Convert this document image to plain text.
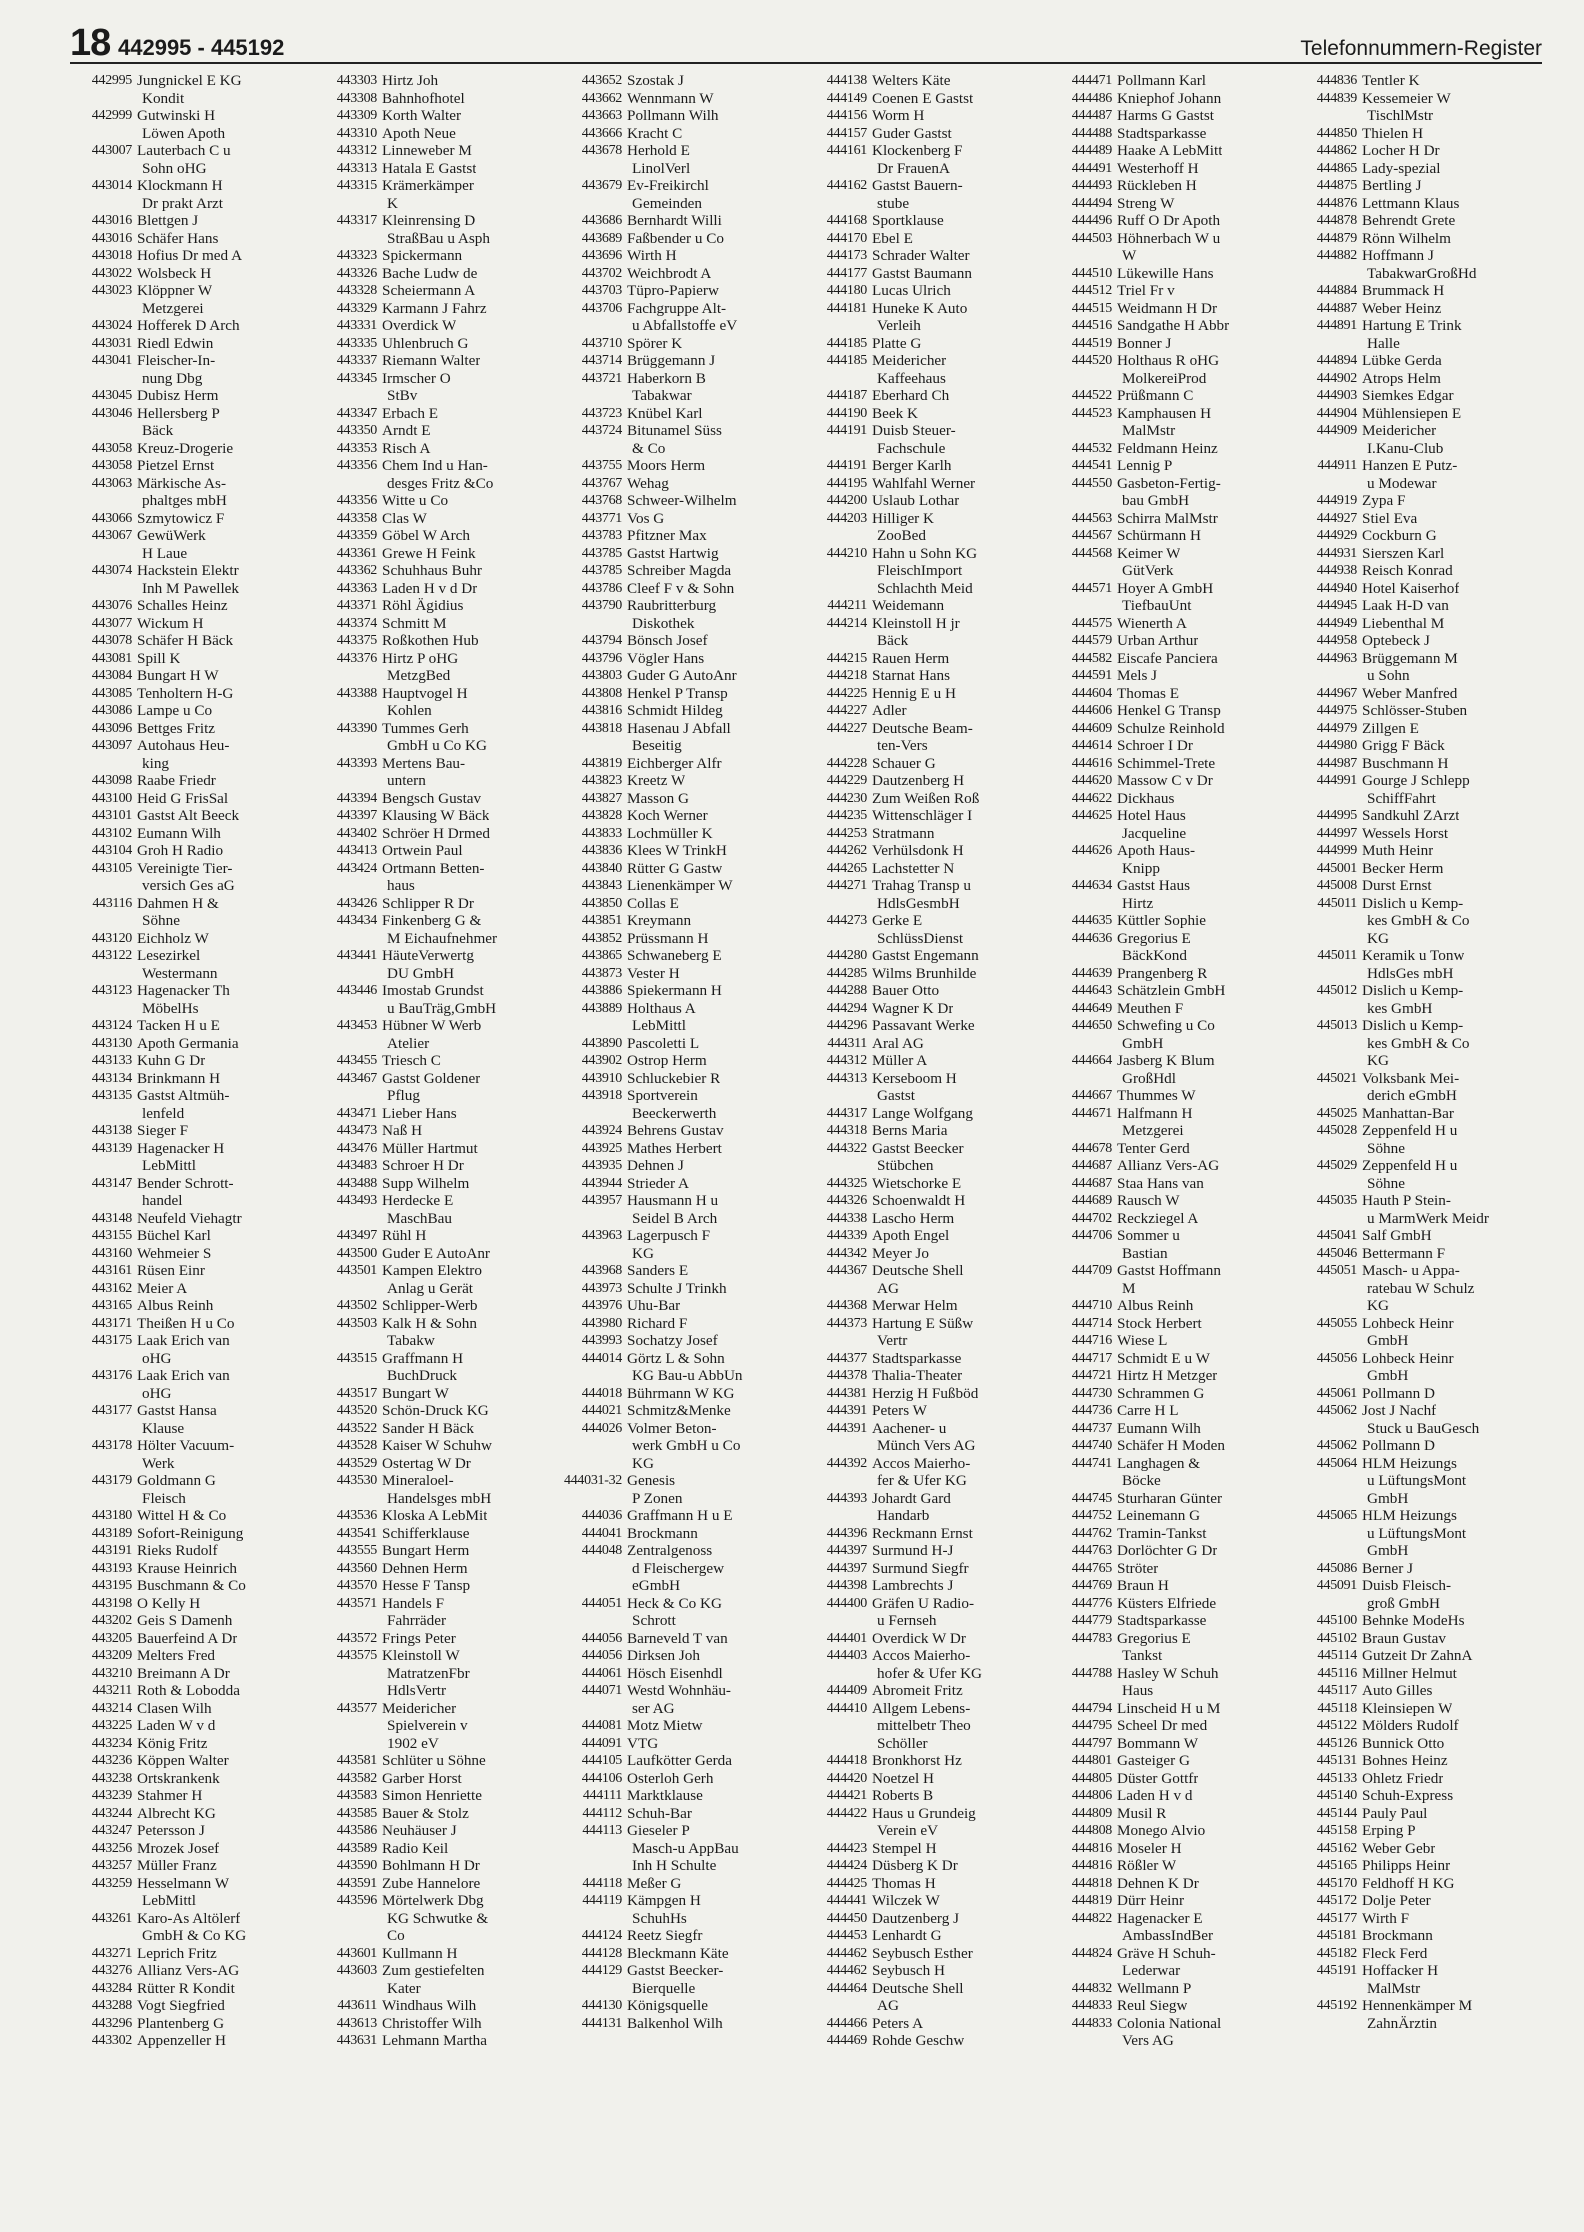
18 442995 - 445192	Telefonnummern-Register
442995 Jungnickel E KG
Kondit
442999 Gutwinski H
Löwen Apoth
443007 Lauterbach C u
Sohn oHG
443014 Klockmann H
Dr prakt Arzt
443016 Blettgen J
443016 Schäfer Hans
443018 Hofius Dr med A
443022 Wolsbeck H
443023 Klöppner W
Metzgerei
443024 Hofferek D Arch
443031 Riedl Edwin
443041 Fleischer-In-
nung Dbg
443045 Dubisz Herm
443046 Hellersberg P
Bäck
443058 Kreuz-Drogerie
443058 Pietzel Ernst
443063 Märkische As-
phaltges mbH
443066 Szmytowicz F
443067 GewüWerk
H Laue
443074 Hackstein Elektr
Inh M Pawellek
443076 Schalles Heinz
443077 Wickum H
443078 Schäfer H Bäck
443081 Spill K
443084 Bungart H W
443085 Tenholtern H-G
443086 Lampe u Co
443096 Bettges Fritz
443097 Autohaus Heu-
king
443098 Raabe Friedr
443100 Heid G FrisSal
443101 Gastst Alt Beeck
443102 Eumann Wilh
443104 Groh H Radio
443105 Vereinigte Tier-
versich Ges aG
443116 Dahmen H &
Söhne
443120 Eichholz W
443122 Lesezirkel
Westermann
443123 Hagenacker Th
MöbelHs
443124 Tacken H u E
443130 Apoth Germania
443133 Kuhn G Dr
443134 Brinkmann H
443135 Gastst Altmüh-
lenfeld
443138 Sieger F
443139 Hagenacker H
LebMittl
443147 Bender Schrott-
handel
443148 Neufeld Viehagtr
443155 Büchel Karl
443160 Wehmeier S
443161 Rüsen Einr
443162 Meier A
443165 Albus Reinh
443171 Theißen H u Co
443175 Laak Erich van
oHG
443176 Laak Erich van
oHG
443177 Gastst Hansa
Klause
443178 Hölter Vacuum-
Werk
443179 Goldmann G
Fleisch
443180 Wittel H & Co
443189 Sofort-Reinigung
443191 Rieks Rudolf
443193 Krause Heinrich
443195 Buschmann & Co
443198 O Kelly H
443202 Geis S Damenh
443205 Bauerfeind A Dr
443209 Melters Fred
443210 Breimann A Dr
443211 Roth & Lobodda
443214 Clasen Wilh
443225 Laden W v d
443234 König Fritz
443236 Köppen Walter
443238 Ortskrankenk
443239 Stahmer H
443244 Albrecht KG
443247 Petersson J
443256 Mrozek Josef
443257 Müller Franz
443259 Hesselmann W
LebMittl
443261 Karo-As Altölerf
GmbH & Co KG
443271 Leprich Fritz
443276 Allianz Vers-AG
443284 Rütter R Kondit
443288 Vogt Siegfried
443296 Plantenberg G
443302 Appenzeller H
443303 Hirtz Joh
443308 Bahnhofhotel
443309 Korth Walter
443310 Apoth Neue
443312 Linneweber M
443313 Hatala E Gastst
443315 Krämerkämper
K
443317 Kleinrensing D
StraßBau u Asph
443323 Spickermann
443326 Bache Ludw de
443328 Scheiermann A
443329 Karmann J Fahrz
443331 Overdick W
443335 Uhlenbruch G
443337 Riemann Walter
443345 Irmscher O
StBv
443347 Erbach E
443350 Arndt E
443353 Risch A
443356 Chem Ind u Han-
desges Fritz &Co
443356 Witte u Co
443358 Clas W
443359 Göbel W Arch
443361 Grewe H Feink
443362 Schuhhaus Buhr
443363 Laden H v d Dr
443371 Röhl Ägidius
443374 Schmitt M
443375 Roßkothen Hub
443376 Hirtz P oHG
MetzgBed
443388 Hauptvogel H
Kohlen
443390 Tummes Gerh
GmbH u Co KG
443393 Mertens Bau-
untern
443394 Bengsch Gustav
443397 Klausing W Bäck
443402 Schröer H Drmed
443413 Ortwein Paul
443424 Ortmann Betten-
haus
443426 Schlipper R Dr
443434 Finkenberg G &
M Eichaufnehmer
443441 HäuteVerwertg
DU GmbH
443446 Imostab Grundst
u BauTräg,GmbH
443453 Hübner W Werb
Atelier
443455 Triesch C
443467 Gastst Goldener
Pflug
443471 Lieber Hans
443473 Naß H
443476 Müller Hartmut
443483 Schroer H Dr
443488 Supp Wilhelm
443493 Herdecke E
MaschBau
443497 Rühl H
443500 Guder E AutoAnr
443501 Kampen Elektro
Anlag u Gerät
443502 Schlipper-Werb
443503 Kalk H & Sohn
Tabakw
443515 Graffmann H
BuchDruck
443517 Bungart W
443520 Schön-Druck KG
443522 Sander H Bäck
443528 Kaiser W Schuhw
443529 Ostertag W Dr
443530 Mineraloel-
Handelsges mbH
443536 Kloska A LebMit
443541 Schifferklause
443555 Bungart Herm
443560 Dehnen Herm
443570 Hesse F Tansp
443571 Handels F
Fahrräder
443572 Frings Peter
443575 Kleinstoll W
MatratzenFbr
HdlsVertr
443577 Meidericher
Spielverein v
1902 eV
443581 Schlüter u Söhne
443582 Garber Horst
443583 Simon Henriette
443585 Bauer & Stolz
443586 Neuhäuser J
443589 Radio Keil
443590 Bohlmann H Dr
443591 Zube Hannelore
443596 Mörtelwerk Dbg
KG Schwutke &
Co
443601 Kullmann H
443603 Zum gestiefelten
Kater
443611 Windhaus Wilh
443613 Christoffer Wilh
443631 Lehmann Martha
443652 Szostak J
443662 Wennmann W
443663 Pollmann Wilh
443666 Kracht C
443678 Herhold E
LinolVerl
443679 Ev-Freikirchl
Gemeinden
443686 Bernhardt Willi
443689 Faßbender u Co
443696 Wirth H
443702 Weichbrodt A
443703 Tüpro-Papierw
443706 Fachgruppe Alt-
u Abfallstoffe eV
443710 Spörer K
443714 Brüggemann J
443721 Haberkorn B
Tabakwar
443723 Knübel Karl
443724 Bitunamel Süss
& Co
443755 Moors Herm
443767 Wehag
443768 Schweer-Wilhelm
443771 Vos G
443783 Pfitzner Max
443785 Gastst Hartwig
443785 Schreiber Magda
443786 Cleef F v & Sohn
443790 Raubritterburg
Diskothek
443794 Bönsch Josef
443796 Vögler Hans
443803 Guder G AutoAnr
443808 Henkel P Transp
443816 Schmidt Hildeg
443818 Hasenau J Abfall
Beseitig
443819 Eichberger Alfr
443823 Kreetz W
443827 Masson G
443828 Koch Werner
443833 Lochmüller K
443836 Klees W TrinkH
443840 Rütter G Gastw
443843 Lienenkämper W
443850 Collas E
443851 Kreymann
443852 Prüssmann H
443865 Schwaneberg E
443873 Vester H
443886 Spiekermann H
443889 Holthaus A
LebMittl
443890 Pascoletti L
443902 Ostrop Herm
443910 Schluckebier R
443918 Sportverein
Beeckerwerth
443924 Behrens Gustav
443925 Mathes Herbert
443935 Dehnen J
443944 Strieder A
443957 Hausmann H u
Seidel B Arch
443963 Lagerpusch F
KG
443968 Sanders E
443973 Schulte J Trinkh
443976 Uhu-Bar
443980 Richard F
443993 Sochatzy Josef
444014 Görtz L & Sohn
KG Bau-u AbbUn
444018 Bührmann W KG
444021 Schmitz&Menke
444026 Volmer Beton-
werk GmbH u Co
KG
444031-32 Genesis
P Zonen
444036 Graffmann H u E
444041 Brockmann
444048 Zentralgenoss
d Fleischergew
eGmbH
444051 Heck & Co KG
Schrott
444056 Barneveld T van
444056 Dirksen Joh
444061 Hösch Eisenhdl
444071 Westd Wohnhäu-
ser AG
444081 Motz Mietw
444091 VTG
444105 Laufkötter Gerda
444106 Osterloh Gerh
444111 Marktklause
444112 Schuh-Bar
444113 Gieseler P
Masch-u AppBau
Inh H Schulte
444118 Meßer G
444119 Kämpgen H
SchuhHs
444124 Reetz Siegfr
444128 Bleckmann Käte
444129 Gastst Beecker-
Bierquelle
444130 Königsquelle
444131 Balkenhol Wilh
444138 Welters Käte
444149 Coenen E Gastst
444156 Worm H
444157 Guder Gastst
444161 Klockenberg F
Dr FrauenA
444162 Gastst Bauern-
stube
444168 Sportklause
444170 Ebel E
444173 Schrader Walter
444177 Gastst Baumann
444180 Lucas Ulrich
444181 Huneke K Auto
Verleih
444185 Platte G
444185 Meidericher
Kaffeehaus
444187 Eberhard Ch
444190 Beek K
444191 Duisb Steuer-
Fachschule
444191 Berger Karlh
444195 Wahlfahl Werner
444200 Uslaub Lothar
444203 Hilliger K
ZooBed
444210 Hahn u Sohn KG
FleischImport
Schlachth Meid
444211 Weidemann
444214 Kleinstoll H jr
Bäck
444215 Rauen Herm
444218 Starnat Hans
444225 Hennig E u H
444227 Adler
444227 Deutsche Beam-
ten-Vers
444228 Schauer G
444229 Dautzenberg H
444230 Zum Weißen Roß
444235 Wittenschläger I
444253 Stratmann
444262 Verhülsdonk H
444265 Lachstetter N
444271 Trahag Transp u
HdlsGesmbH
444273 Gerke E
SchlüssDienst
444280 Gastst Engemann
444285 Wilms Brunhilde
444288 Bauer Otto
444294 Wagner K Dr
444296 Passavant Werke
444311 Aral AG
444312 Müller A
444313 Kerseboom H
Gastst
444317 Lange Wolfgang
444318 Berns Maria
444322 Gastst Beecker
Stübchen
444325 Wietschorke E
444326 Schoenwaldt H
444338 Lascho Herm
444339 Apoth Engel
444342 Meyer Jo
444367 Deutsche Shell
AG
444368 Merwar Helm
444373 Hartung E Süßw
Vertr
444377 Stadtsparkasse
444378 Thalia-Theater
444381 Herzig H Fußböd
444391 Peters W
444391 Aachener- u
Münch Vers AG
444392 Accos Maierho-
fer & Ufer KG
444393 Johardt Gard
Handarb
444396 Reckmann Ernst
444397 Surmund H-J
444397 Surmund Siegfr
444398 Lambrechts J
444400 Gräfen U Radio-
u Fernseh
444401 Overdick W Dr
444403 Accos Maierho-
hofer & Ufer KG
444409 Abromeit Fritz
444410 Allgem Lebens-
mittelbetr Theo
Schöller
444418 Bronkhorst Hz
444420 Noetzel H
444421 Roberts B
444422 Haus u Grundeig
Verein eV
444423 Stempel H
444424 Düsberg K Dr
444425 Thomas H
444441 Wilczek W
444450 Dautzenberg J
444453 Lenhardt G
444462 Seybusch Esther
444462 Seybusch H
444464 Deutsche Shell
AG
444466 Peters A
444469 Rohde Geschw
444471 Pollmann Karl
444486 Kniephof Johann
444487 Harms G Gastst
444488 Stadtsparkasse
444489 Haake A LebMitt
444491 Westerhoff H
444493 Rückleben H
444494 Streng W
444496 Ruff O Dr Apoth
444503 Höhnerbach W u
W
444510 Lükewille Hans
444512 Triel Fr v
444515 Weidmann H Dr
444516 Sandgathe H Abbr
444519 Bonner J
444520 Holthaus R oHG
MolkereiProd
444522 Prüßmann C
444523 Kamphausen H
MalMstr
444532 Feldmann Heinz
444541 Lennig P
444550 Gasbeton-Fertig-
bau GmbH
444563 Schirra MalMstr
444567 Schürmann H
444568 Keimer W
GütVerk
444571 Hoyer A GmbH
TiefbauUnt
444575 Wienerth A
444579 Urban Arthur
444582 Eiscafe Panciera
444591 Mels J
444604 Thomas E
444606 Henkel G Transp
444609 Schulze Reinhold
444614 Schroer I Dr
444616 Schimmel-Trete
444620 Massow C v Dr
444622 Dickhaus
444625 Hotel Haus
Jacqueline
444626 Apoth Haus-
Knipp
444634 Gastst Haus
Hirtz
444635 Küttler Sophie
444636 Gregorius E
BäckKond
444639 Prangenberg R
444643 Schätzlein GmbH
444649 Meuthen F
444650 Schwefing u Co
GmbH
444664 Jasberg K Blum
GroßHdl
444667 Thummes W
444671 Halfmann H
Metzgerei
444678 Tenter Gerd
444687 Allianz Vers-AG
444687 Staa Hans van
444689 Rausch W
444702 Reckziegel A
444706 Sommer u
Bastian
444709 Gastst Hoffmann
M
444710 Albus Reinh
444714 Stock Herbert
444716 Wiese L
444717 Schmidt E u W
444721 Hirtz H Metzger
444730 Schrammen G
444736 Carre H L
444737 Eumann Wilh
444740 Schäfer H Moden
444741 Langhagen &
Böcke
444745 Sturharan Günter
444752 Leinemann G
444762 Tramin-Tankst
444763 Dorlöchter G Dr
444765 Ströter
444769 Braun H
444776 Küsters Elfriede
444779 Stadtsparkasse
444783 Gregorius E
Tankst
444788 Hasley W Schuh
Haus
444794 Linscheid H u M
444795 Scheel Dr med
444797 Bommann W
444801 Gasteiger G
444805 Düster Gottfr
444806 Laden H v d
444809 Musil R
444808 Monego Alvio
444816 Moseler H
444816 Rößler W
444818 Dehnen K Dr
444819 Dürr Heinr
444822 Hagenacker E
AmbassIndBer
444824 Gräve H Schuh-
Lederwar
444832 Wellmann P
444833 Reul Siegw
444833 Colonia National
Vers AG
444836 Tentler K
444839 Kessemeier W
TischlMstr
444850 Thielen H
444862 Locher H Dr
444865 Lady-spezial
444875 Bertling J
444876 Lettmann Klaus
444878 Behrendt Grete
444879 Rönn Wilhelm
444882 Hoffmann J
TabakwarGroßHd
444884 Brummack H
444887 Weber Heinz
444891 Hartung E Trink
Halle
444894 Lübke Gerda
444902 Atrops Helm
444903 Siemkes Edgar
444904 Mühlensiepen E
444909 Meidericher
I.Kanu-Club
444911 Hanzen E Putz-
u Modewar
444919 Zypa F
444927 Stiel Eva
444929 Cockburn G
444931 Sierszen Karl
444938 Reisch Konrad
444940 Hotel Kaiserhof
444945 Laak H-D van
444949 Liebenthal M
444958 Optebeck J
444963 Brüggemann M
u Sohn
444967 Weber Manfred
444975 Schlösser-Stuben
444979 Zillgen E
444980 Grigg F Bäck
444987 Buschmann H
444991 Gourge J Schlepp
SchiffFahrt
444995 Sandkuhl ZArzt
444997 Wessels Horst
444999 Muth Heinr
445001 Becker Herm
445008 Durst Ernst
445011 Dislich u Kemp-
kes GmbH & Co
KG
445011 Keramik u Tonw
HdlsGes mbH
445012 Dislich u Kemp-
kes GmbH
445013 Dislich u Kemp-
kes GmbH & Co
KG
445021 Volksbank Mei-
derich eGmbH
445025 Manhattan-Bar
445028 Zeppenfeld H u
Söhne
445029 Zeppenfeld H u
Söhne
445035 Hauth P Stein-
u MarmWerk Meidr
445041 Salf GmbH
445046 Bettermann F
445051 Masch- u Appa-
ratebau W Schulz
KG
445055 Lohbeck Heinr
GmbH
445056 Lohbeck Heinr
GmbH
445061 Pollmann D
445062 Jost J Nachf
Stuck u BauGesch
445062 Pollmann D
445064 HLM Heizungs
u LüftungsMont
GmbH
445065 HLM Heizungs
u LüftungsMont
GmbH
445086 Berner J
445091 Duisb Fleisch-
groß GmbH
445100 Behnke ModeHs
445102 Braun Gustav
445114 Gutzeit Dr ZahnA
445116 Millner Helmut
445117 Auto Gilles
445118 Kleinsiepen W
445122 Mölders Rudolf
445126 Bunnick Otto
445131 Bohnes Heinz
445133 Ohletz Friedr
445140 Schuh-Express
445144 Pauly Paul
445158 Erping P
445162 Weber Gebr
445165 Philipps Heinr
445170 Feldhoff H KG
445172 Dolje Peter
445177 Wirth F
445181 Brockmann
445182 Fleck Ferd
445191 Hoffacker H
MalMstr
445192 Hennenkämper M
ZahnÄrztin
